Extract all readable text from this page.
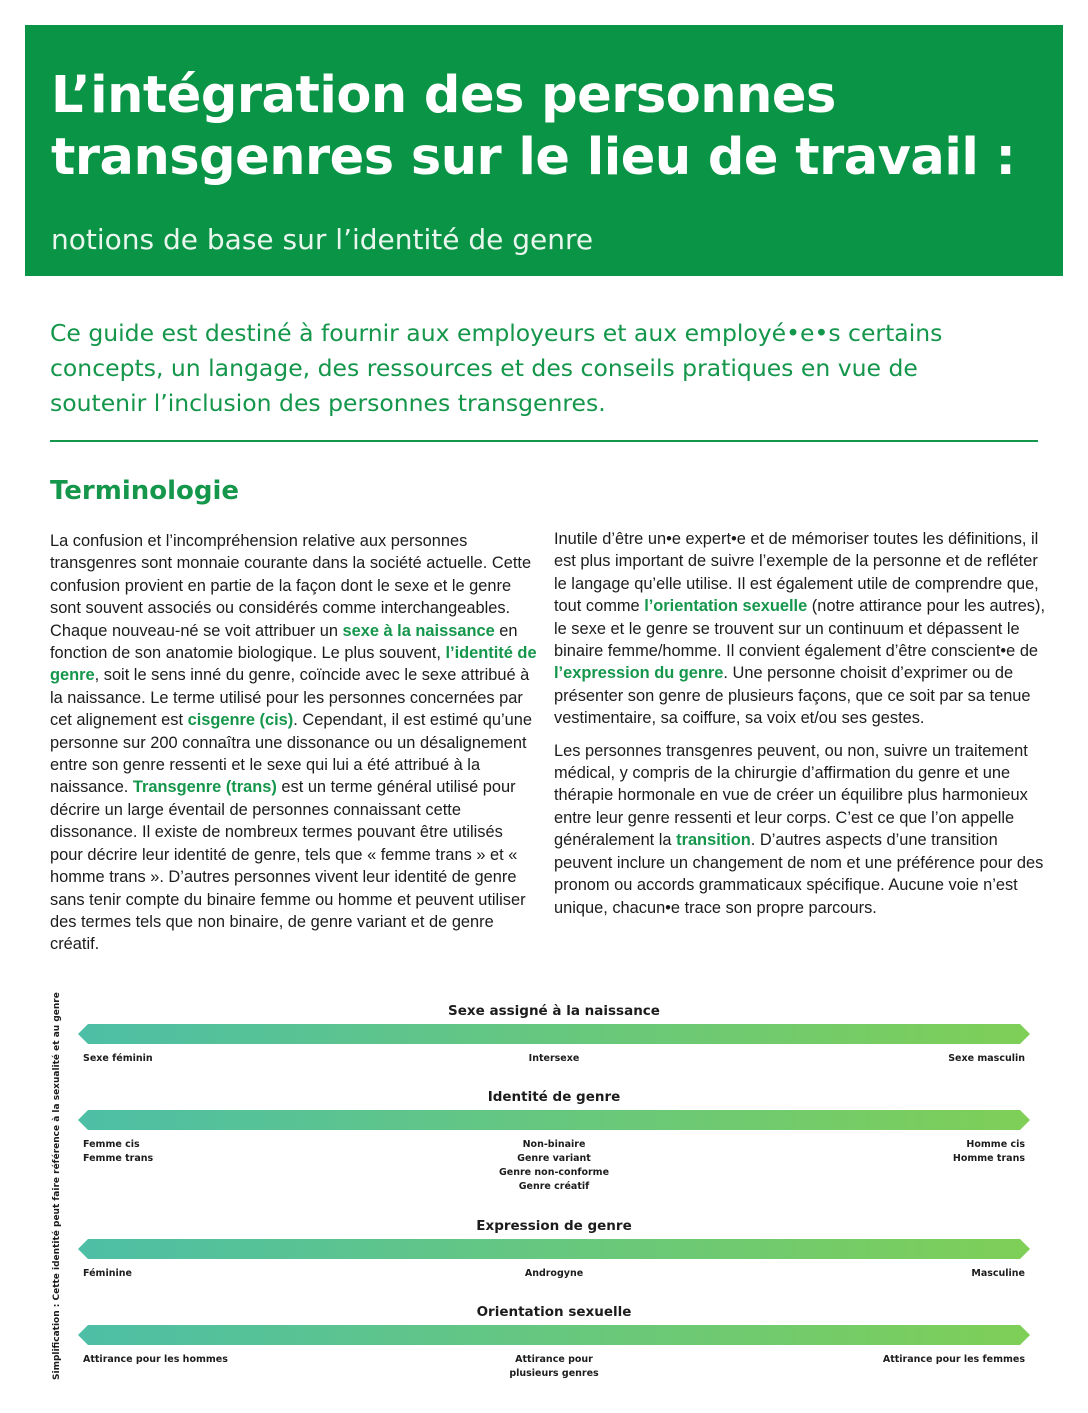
L’intégration des personnes
transgenres sur le lieu de travail :
notions de base sur l’identité de genre
Ce guide est destiné à fournir aux employeurs et aux employé•e•s certains
concepts, un langage, des ressources et des conseils pratiques en vue de
soutenir l’inclusion des personnes transgenres.
Terminologie

La confusion et l’incompréhension relative aux personnes transgenres sont monnaie courante dans la société actuelle. Cette confusion provient en partie de la façon dont le sexe et le genre sont souvent associés ou considérés comme interchangeables. Chaque nouveau-né se voit attribuer un sexe à la naissance en fonction de son anatomie biologique. Le plus souvent, l’identité de genre, soit le sens inné du genre, coïncide avec le sexe attribué à la naissance. Le terme utilisé pour les personnes concernées par cet alignement est cisgenre (cis). Cependant, il est estimé qu’une personne sur 200 connaîtra une dissonance ou un désalignement entre son genre ressenti et le sexe qui lui a été attribué à la naissance. Transgenre (trans) est un terme général utilisé pour décrire un large éventail de personnes connaissant cette dissonance. Il existe de nombreux termes pouvant être utilisés pour décrire leur identité de genre, tels que « femme trans » et « homme trans ». D’autres personnes vivent leur identité de genre sans tenir compte du binaire femme ou homme et peuvent utiliser des termes tels que non binaire, de genre variant et de genre créatif.

Inutile d’être un•e expert•e et de mémoriser toutes les définitions, il est plus important de suivre l’exemple de la personne et de refléter le langage qu’elle utilise. Il est également utile de comprendre que, tout comme l’orientation sexuelle (notre attirance pour les autres), le sexe et le genre se trouvent sur un continuum et dépassent le binaire femme/homme. Il convient également d’être conscient•e de l’expression du genre. Une personne choisit d’exprimer ou de présenter son genre de plusieurs façons, que ce soit par sa tenue vestimentaire, sa coiffure, sa voix et/ou ses gestes.

Les personnes transgenres peuvent, ou non, suivre un traitement médical, y compris de la chirurgie d’affirmation du genre et une thérapie hormonale en vue de créer un équilibre plus harmonieux entre leur genre ressenti et leur corps. C’est ce que l’on appelle généralement la transition. D’autres aspects d’une transition peuvent inclure un changement de nom et une préférence pour des pronom ou accords grammaticaux spécifique. Aucune voie n’est unique, chacun•e trace son propre parcours.

Simplification : Cette identité peut faire référence à la sexualité et au genre	Sexe assigné à la naissance
Sexe féminin	Intersexe	Sexe masculin
Identité de genre
Femme cis
Femme trans
Non-binaire
Genre variant
Genre non-conforme
Genre créatif
Homme cis
Homme trans
Expression de genre
Féminine	Androgyne	Masculine
Orientation sexuelle
Attirance pour les hommes	Attirance pour
plusieurs genres
Attirance pour les femmes
